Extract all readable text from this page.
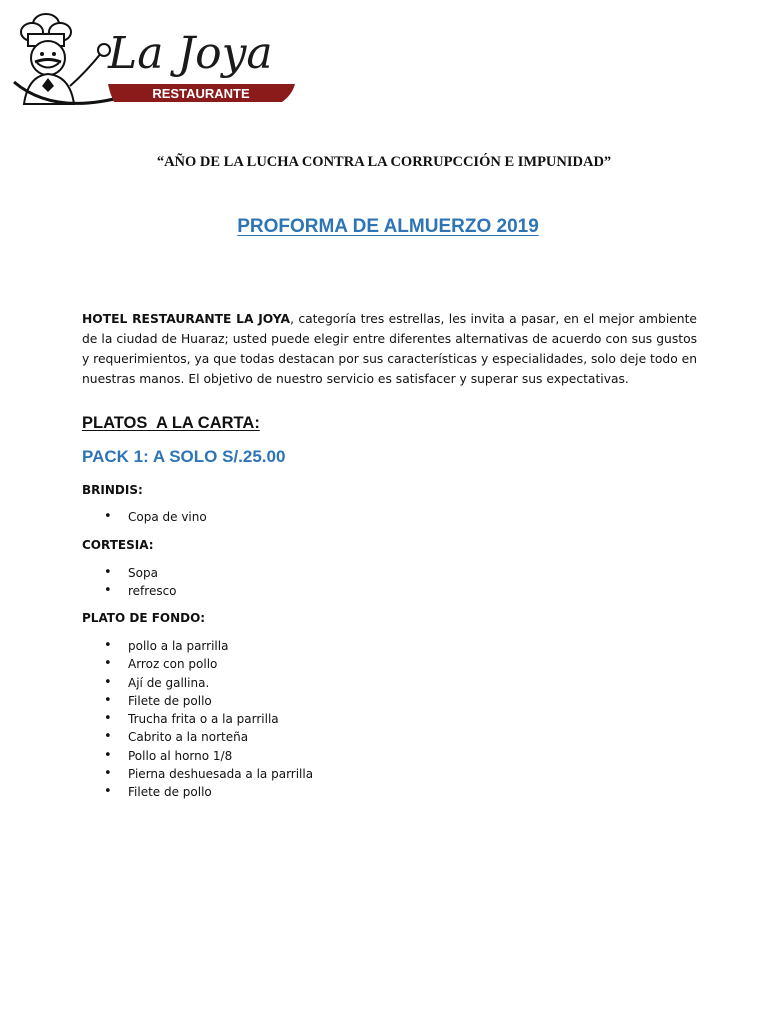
La Joya
RESTAURANTE
“AÑO DE LA LUCHA CONTRA LA CORRUPCCIÓN E IMPUNIDAD”
PROFORMA DE ALMUERZO 2019
HOTEL RESTAURANTE LA JOYA, categoría tres estrellas, les invita a pasar, en el mejor ambiente de la ciudad de Huaraz; usted puede elegir entre diferentes alternativas de acuerdo con sus gustos y requerimientos, ya que todas destacan por sus características y especialidades, solo deje todo en nuestras manos. El objetivo de nuestro servicio es satisfacer y superar sus expectativas.
PLATOS  A LA CARTA:
PACK 1: A SOLO S/.25.00
BRINDIS:
• Copa de vino
CORTESIA:
• Sopa
• refresco
PLATO DE FONDO:
• pollo a la parrilla
• Arroz con pollo
• Ají de gallina.
• Filete de pollo
• Trucha frita o a la parrilla
• Cabrito a la norteña
• Pollo al horno 1/8
• Pierna deshuesada a la parrilla
• Filete de pollo
